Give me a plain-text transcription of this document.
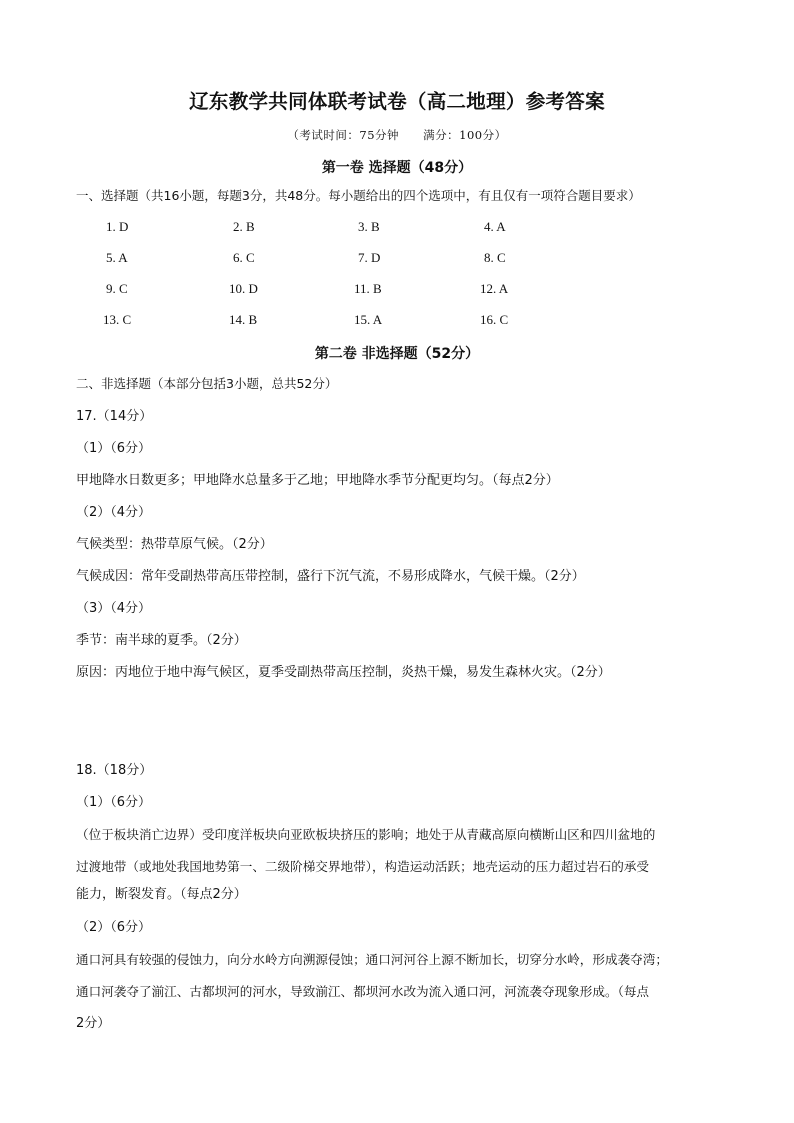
辽东教学共同体联考试卷（高二地理）参考答案
（考试时间：75分钟 满分：100分）
第一卷 选择题（48分）
一、选择题（共16小题，每题3分，共48分。每小题给出的四个选项中，有且仅有一项符合题目要求）
1. D	2. B	3. B	4. A
5. A	6. C	7. D	8. C
9. C	10. D	11. B	12. A
13. C	14. B	15. A	16. C
第二卷 非选择题（52分）
二、非选择题（本部分包括3小题，总共52分）
17.（14分）
（1）（6分）
甲地降水日数更多；甲地降水总量多于乙地；甲地降水季节分配更均匀。（每点2分）
（2）（4分）
气候类型：热带草原气候。（2分）
气候成因：常年受副热带高压带控制，盛行下沉气流，不易形成降水，气候干燥。（2分）
（3）（4分）
季节：南半球的夏季。（2分）
原因：丙地位于地中海气候区，夏季受副热带高压控制，炎热干燥，易发生森林火灾。（2分）
18.（18分）
（1）（6分）
（位于板块消亡边界）受印度洋板块向亚欧板块挤压的影响；地处于从青藏高原向横断山区和四川盆地的
过渡地带（或地处我国地势第一、二级阶梯交界地带），构造运动活跃；地壳运动的压力超过岩石的承受
能力，断裂发育。（每点2分）
（2）（6分）
通口河具有较强的侵蚀力，向分水岭方向溯源侵蚀；通口河河谷上源不断加长，切穿分水岭，形成袭夺湾；
通口河袭夺了湔江、古都坝河的河水，导致湔江、都坝河水改为流入通口河，河流袭夺现象形成。（每点
2分）
